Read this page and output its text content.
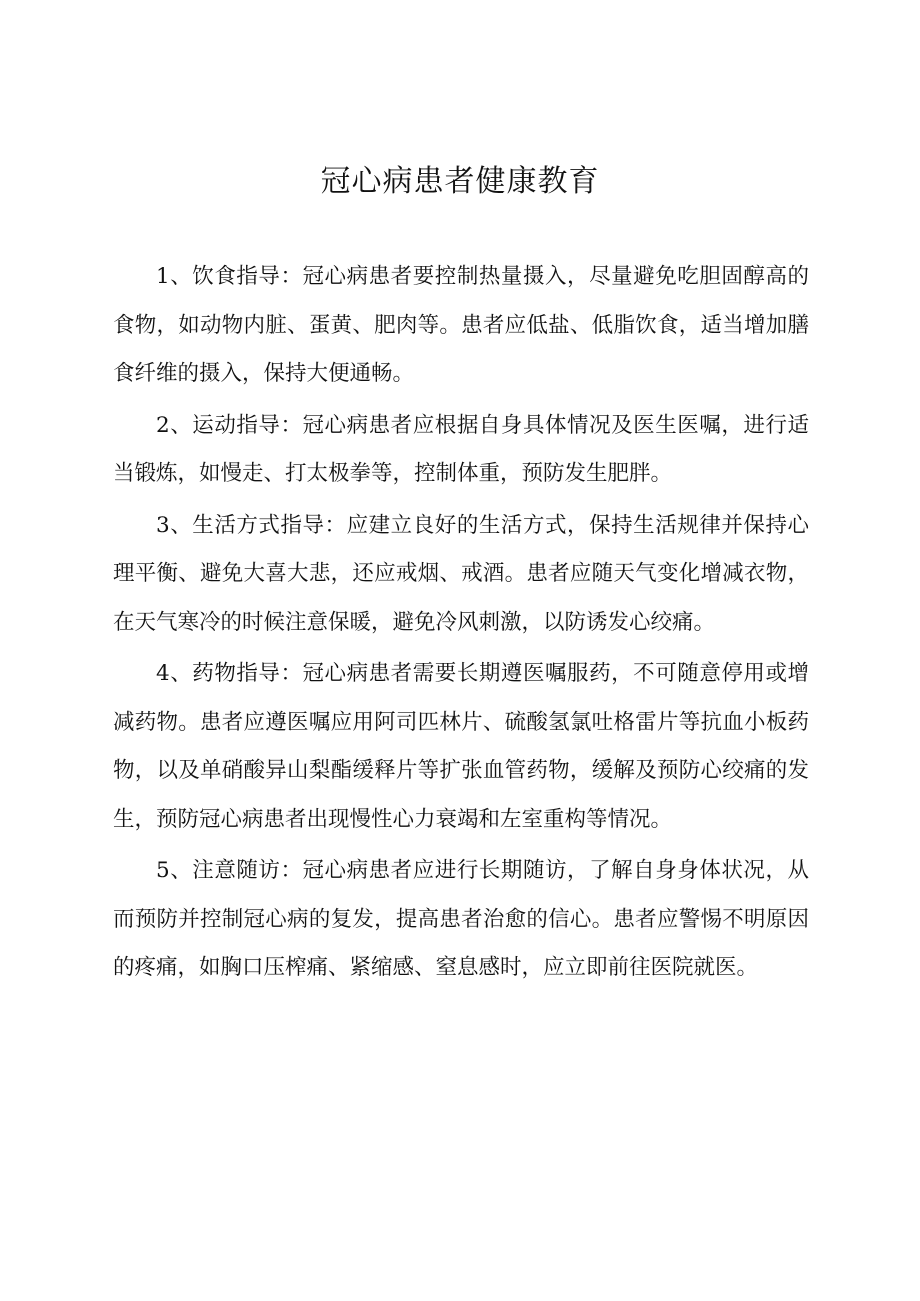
冠心病患者健康教育

1、饮食指导：冠心病患者要控制热量摄入，尽量避免吃胆固醇高的食物，如动物内脏、蛋黄、肥肉等。患者应低盐、低脂饮食，适当增加膳食纤维的摄入，保持大便通畅。

2、运动指导：冠心病患者应根据自身具体情况及医生医嘱，进行适当锻炼，如慢走、打太极拳等，控制体重，预防发生肥胖。

3、生活方式指导：应建立良好的生活方式，保持生活规律并保持心理平衡、避免大喜大悲，还应戒烟、戒酒。患者应随天气变化增减衣物，在天气寒冷的时候注意保暖，避免冷风刺激，以防诱发心绞痛。

4、药物指导：冠心病患者需要长期遵医嘱服药，不可随意停用或增减药物。患者应遵医嘱应用阿司匹林片、硫酸氢氯吐格雷片等抗血小板药物，以及单硝酸异山梨酯缓释片等扩张血管药物，缓解及预防心绞痛的发生，预防冠心病患者出现慢性心力衰竭和左室重构等情况。

5、注意随访：冠心病患者应进行长期随访，了解自身身体状况，从而预防并控制冠心病的复发，提高患者治愈的信心。患者应警惕不明原因的疼痛，如胸口压榨痛、紧缩感、窒息感时，应立即前往医院就医。
